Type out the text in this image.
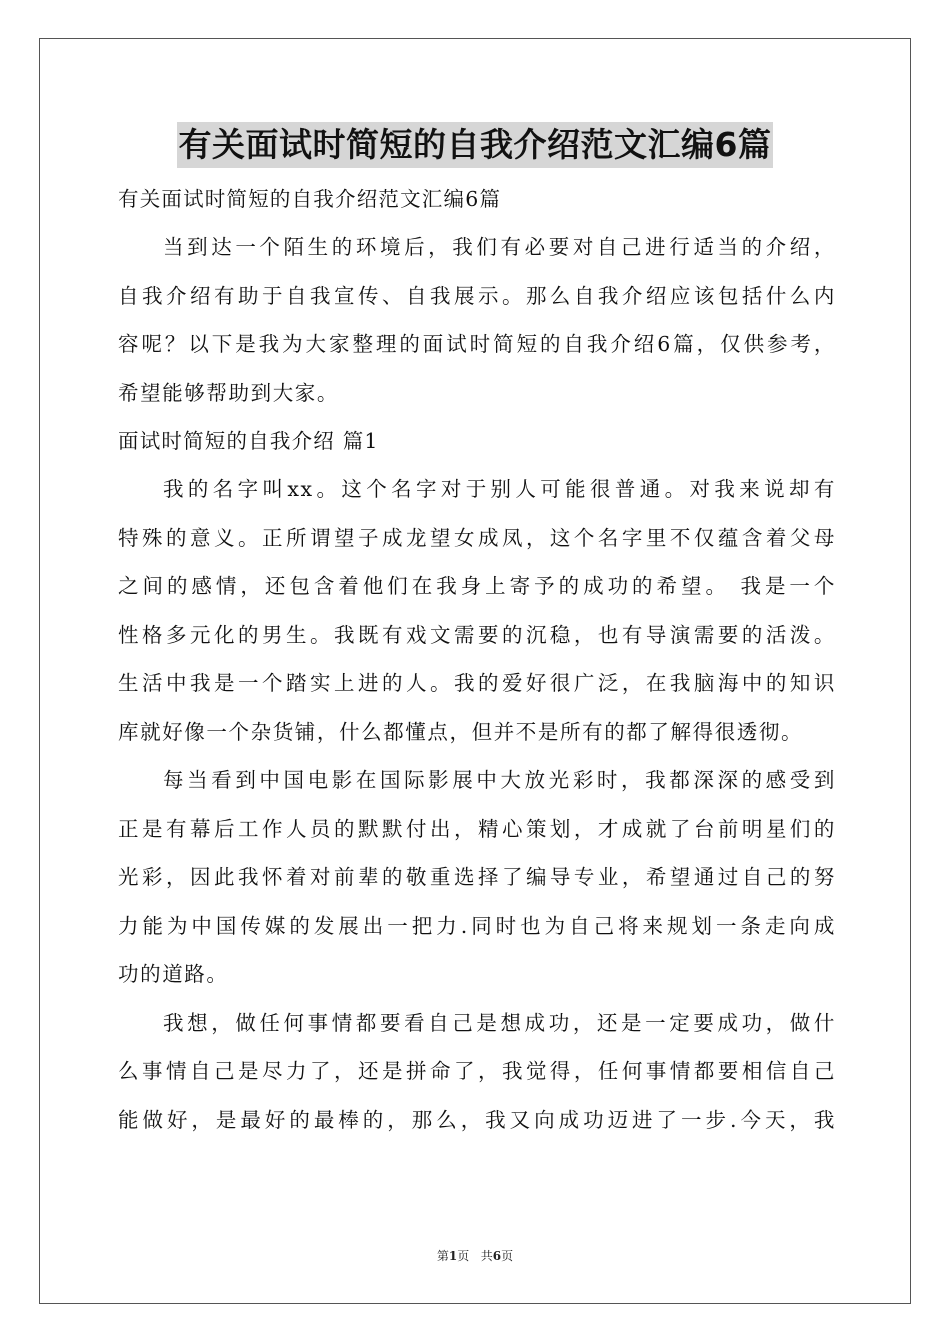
有关面试时简短的自我介绍范文汇编6篇
有关面试时简短的自我介绍范文汇编6篇
当到达一个陌生的环境后，我们有必要对自己进行适当的介绍，
自我介绍有助于自我宣传、自我展示。那么自我介绍应该包括什么内
容呢？以下是我为大家整理的面试时简短的自我介绍6篇，仅供参考，
希望能够帮助到大家。
面试时简短的自我介绍 篇1
我的名字叫xx。这个名字对于别人可能很普通。对我来说却有
特殊的意义。正所谓望子成龙望女成凤，这个名字里不仅蕴含着父母
之间的感情，还包含着他们在我身上寄予的成功的希望。 我是一个
性格多元化的男生。我既有戏文需要的沉稳，也有导演需要的活泼。
生活中我是一个踏实上进的人。我的爱好很广泛，在我脑海中的知识
库就好像一个杂货铺，什么都懂点，但并不是所有的都了解得很透彻。
每当看到中国电影在国际影展中大放光彩时，我都深深的感受到
正是有幕后工作人员的默默付出，精心策划，才成就了台前明星们的
光彩，因此我怀着对前辈的敬重选择了编导专业，希望通过自己的努
力能为中国传媒的发展出一把力.同时也为自己将来规划一条走向成
功的道路。
我想，做任何事情都要看自己是想成功，还是一定要成功，做什
么事情自己是尽力了，还是拼命了，我觉得，任何事情都要相信自己
能做好，是最好的最棒的，那么，我又向成功迈进了一步.今天，我
第1页 共6页
